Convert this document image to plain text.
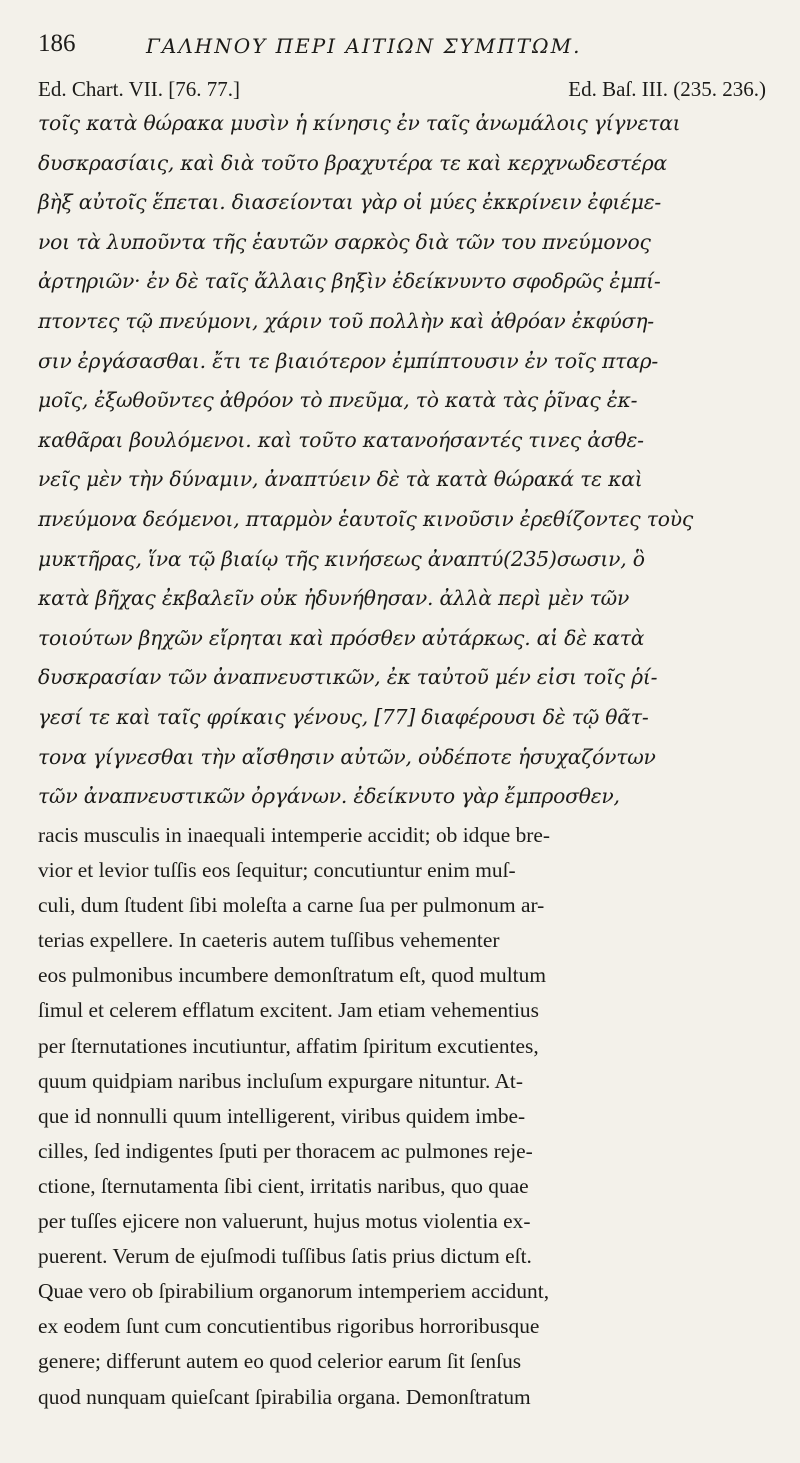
186	ΓΑΛΗΝΟΥ ΠΕΡΙ ΑΙΤΙΩΝ ΣΥΜΠΤΩΜ.
Ed. Chart. VII. [76. 77.]	Ed. Baſ. III. (235. 236.)
τοῖς κατὰ θώρακα μυσὶν ἡ κίνησις ἐν ταῖς ἀνωμάλοις γίγνεται
δυσκρασίαις, καὶ διὰ τοῦτο βραχυτέρα τε καὶ κερχνωδεστέρα
βὴξ αὐτοῖς ἕπεται. διασείονται γὰρ οἱ μύες ἐκκρίνειν ἐφιέμε-
νοι τὰ λυποῦντα τῆς ἑαυτῶν σαρκὸς διὰ τῶν του πνεύμονος
ἀρτηριῶν· ἐν δὲ ταῖς ἄλλαις βηξὶν ἐδείκνυντο σφοδρῶς ἐμπί-
πτοντες τῷ πνεύμονι, χάριν τοῦ πολλὴν καὶ ἀθρόαν ἐκφύση-
σιν ἐργάσασθαι. ἔτι τε βιαιότερον ἐμπίπτουσιν ἐν τοῖς πταρ-
μοῖς, ἐξωθοῦντες ἀθρόον τὸ πνεῦμα, τὸ κατὰ τὰς ῥῖνας ἐκ-
καθᾶραι βουλόμενοι. καὶ τοῦτο κατανοήσαντές τινες ἀσθε-
νεῖς μὲν τὴν δύναμιν, ἀναπτύειν δὲ τὰ κατὰ θώρακά τε καὶ
πνεύμονα δεόμενοι, πταρμὸν ἑαυτοῖς κινοῦσιν ἐρεθίζοντες τοὺς
μυκτῆρας, ἵνα τῷ βιαίῳ τῆς κινήσεως ἀναπτύ(235)σωσιν, ὃ
κατὰ βῆχας ἐκβαλεῖν οὐκ ἠδυνήθησαν. ἀλλὰ περὶ μὲν τῶν
τοιούτων βηχῶν εἴρηται καὶ πρόσθεν αὐτάρκως. αἱ δὲ κατὰ
δυσκρασίαν τῶν ἀναπνευστικῶν, ἐκ ταὐτοῦ μέν εἰσι τοῖς ῥί-
γεσί τε καὶ ταῖς φρίκαις γένους, [77] διαφέρουσι δὲ τῷ θᾶτ-
τονα γίγνεσθαι τὴν αἴσθησιν αὐτῶν, οὐδέποτε ἡσυχαζόντων
τῶν ἀναπνευστικῶν ὀργάνων. ἐδείκνυτο γὰρ ἔμπροσθεν,
racis musculis in inaequali intemperie accidit; ob idque bre-
vior et levior tuſſis eos ſequitur; concutiuntur enim muſ-
culi, dum ſtudent ſibi moleſta a carne ſua per pulmonum ar-
terias expellere. In caeteris autem tuſſibus vehementer
eos pulmonibus incumbere demonſtratum eſt, quod multum
ſimul et celerem efflatum excitent. Jam etiam vehementius
per ſternutationes incutiuntur, affatim ſpiritum excutientes,
quum quidpiam naribus incluſum expurgare nituntur. At-
que id nonnulli quum intelligerent, viribus quidem imbe-
cilles, ſed indigentes ſputi per thoracem ac pulmones reje-
ctione, ſternutamenta ſibi cient, irritatis naribus, quo quae
per tuſſes ejicere non valuerunt, hujus motus violentia ex-
puerent. Verum de ejuſmodi tuſſibus ſatis prius dictum eſt.
Quae vero ob ſpirabilium organorum intemperiem accidunt,
ex eodem ſunt cum concutientibus rigoribus horroribusque
genere; differunt autem eo quod celerior earum ſit ſenſus
quod nunquam quieſcant ſpirabilia organa. Demonſtratum
